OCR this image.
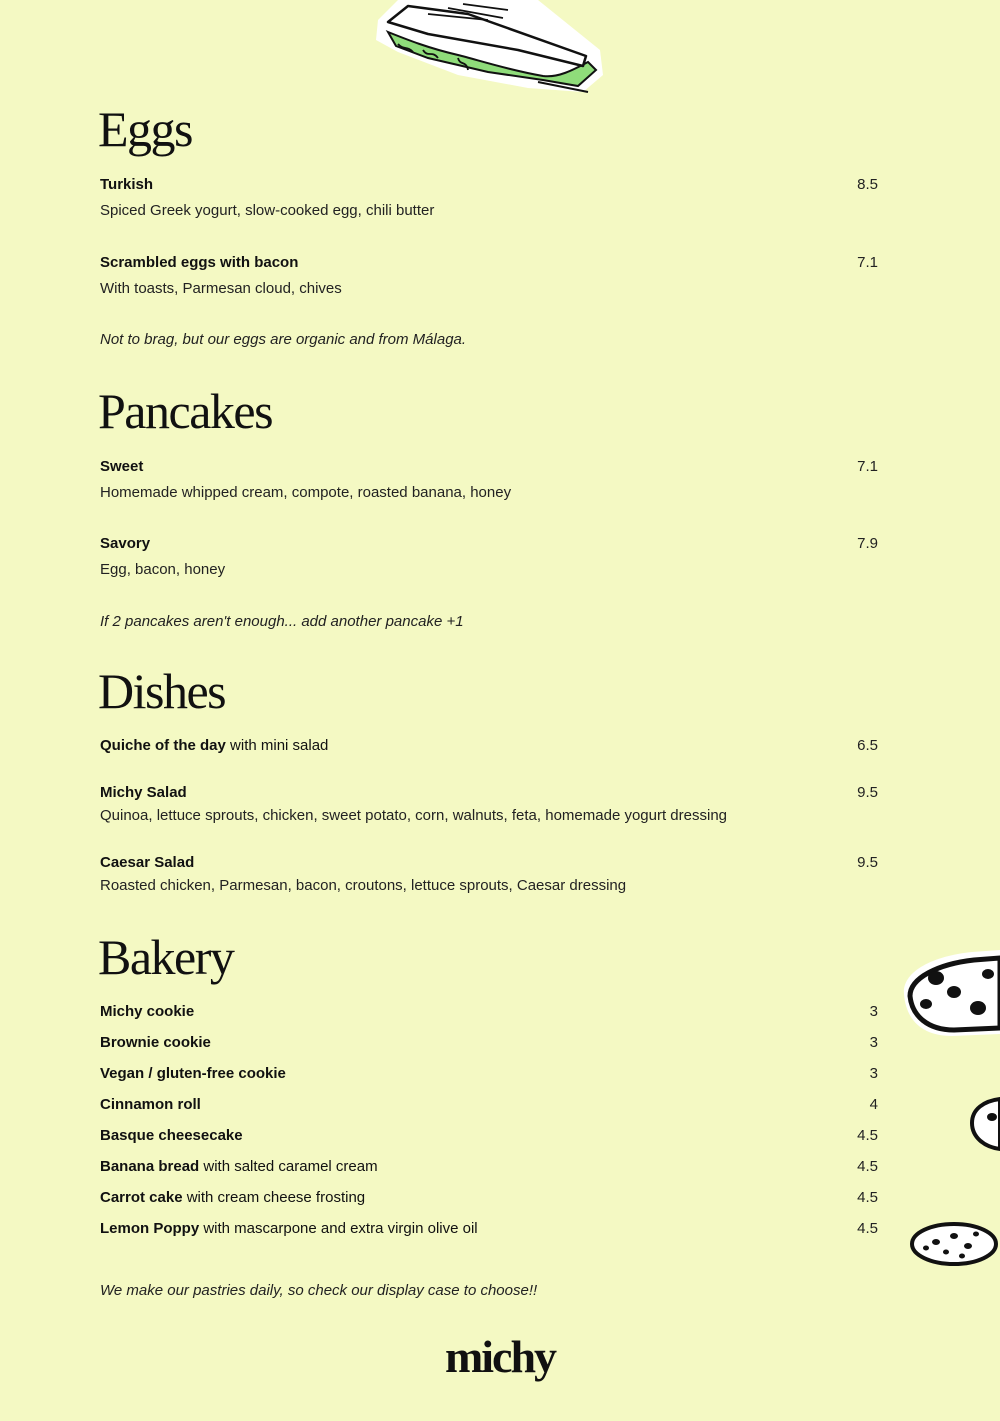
Eggs
Turkish	8.5
Spiced Greek yogurt, slow-cooked egg, chili butter
Scrambled eggs with bacon	7.1
With toasts, Parmesan cloud, chives
Not to brag, but our eggs are organic and from Málaga.
Pancakes
Sweet	7.1
Homemade whipped cream, compote, roasted banana, honey
Savory	7.9
Egg, bacon, honey
If 2 pancakes aren't enough... add another pancake +1
Dishes
Quiche of the day with mini salad	6.5
Michy Salad	9.5
Quinoa, lettuce sprouts, chicken, sweet potato, corn, walnuts, feta, homemade yogurt dressing
Caesar Salad	9.5
Roasted chicken, Parmesan, bacon, croutons, lettuce sprouts, Caesar dressing
Bakery
Michy cookie	3
Brownie cookie	3
Vegan / gluten-free cookie	3
Cinnamon roll	4
Basque cheesecake	4.5
Banana bread with salted caramel cream	4.5
Carrot cake with cream cheese frosting	4.5
Lemon Poppy with mascarpone and extra virgin olive oil	4.5
We make our pastries daily, so check our display case to choose!!
michy
